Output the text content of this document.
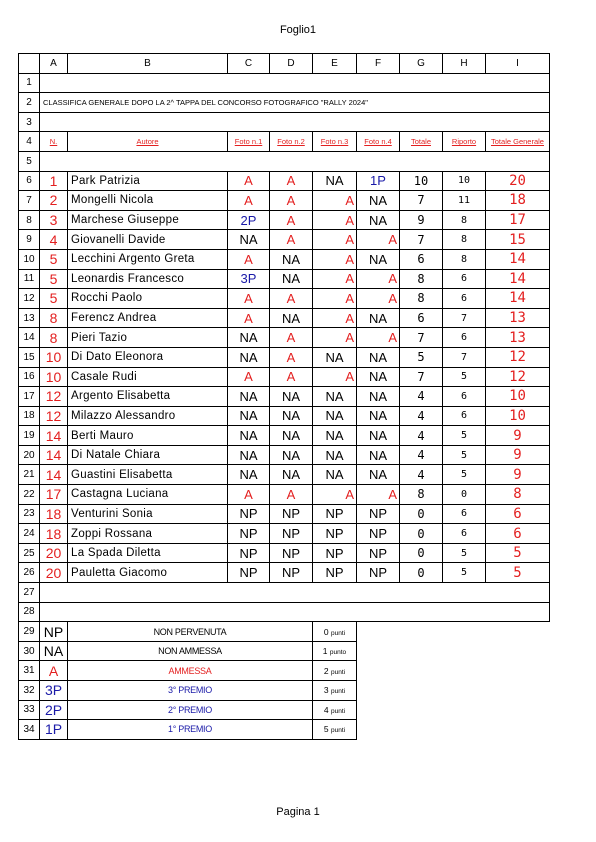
Foglio1
	A	B	C	D	E	F	G	H	I
1									
2	CLASSIFICA GENERALE DOPO LA 2^ TAPPA DEL CONCORSO FOTOGRAFICO "RALLY 2024"								
3									
4	N.	Autore	Foto n.1	Foto n.2	Foto n.3	Foto n.4	Totale	Riporto	Totale Generale
5									
6	1	Park Patrizia	A	A	NA	1P	10	10	20
7	2	Mongelli Nicola	A	A	A	NA	7	11	18
8	3	Marchese Giuseppe	2P	A	A	NA	9	8	17
9	4	Giovanelli Davide	NA	A	A	A	7	8	15
10	5	Lecchini Argento Greta	A	NA	A	NA	6	8	14
11	5	Leonardis Francesco	3P	NA	A	A	8	6	14
12	5	Rocchi Paolo	A	A	A	A	8	6	14
13	8	Ferencz Andrea	A	NA	A	NA	6	7	13
14	8	Pieri Tazio	NA	A	A	A	7	6	13
15	10	Di Dato Eleonora	NA	A	NA	NA	5	7	12
16	10	Casale Rudi	A	A	A	NA	7	5	12
17	12	Argento Elisabetta	NA	NA	NA	NA	4	6	10
18	12	Milazzo Alessandro	NA	NA	NA	NA	4	6	10
19	14	Berti Mauro	NA	NA	NA	NA	4	5	9
20	14	Di Natale Chiara	NA	NA	NA	NA	4	5	9
21	14	Guastini Elisabetta	NA	NA	NA	NA	4	5	9
22	17	Castagna Luciana	A	A	A	A	8	0	8
23	18	Venturini Sonia	NP	NP	NP	NP	0	6	6
24	18	Zoppi Rossana	NP	NP	NP	NP	0	6	6
25	20	La Spada Diletta	NP	NP	NP	NP	0	5	5
26	20	Pauletta Giacomo	NP	NP	NP	NP	0	5	5
27									
28									
29	NP	NON PERVENUTA			0 punti				
30	NA	NON AMMESSA			1 punto				
31	A	AMMESSA			2 punti				
32	3P	3° PREMIO			3 punti				
33	2P	2° PREMIO			4 punti				
34	1P	1° PREMIO			5 punti				
Pagina 1
